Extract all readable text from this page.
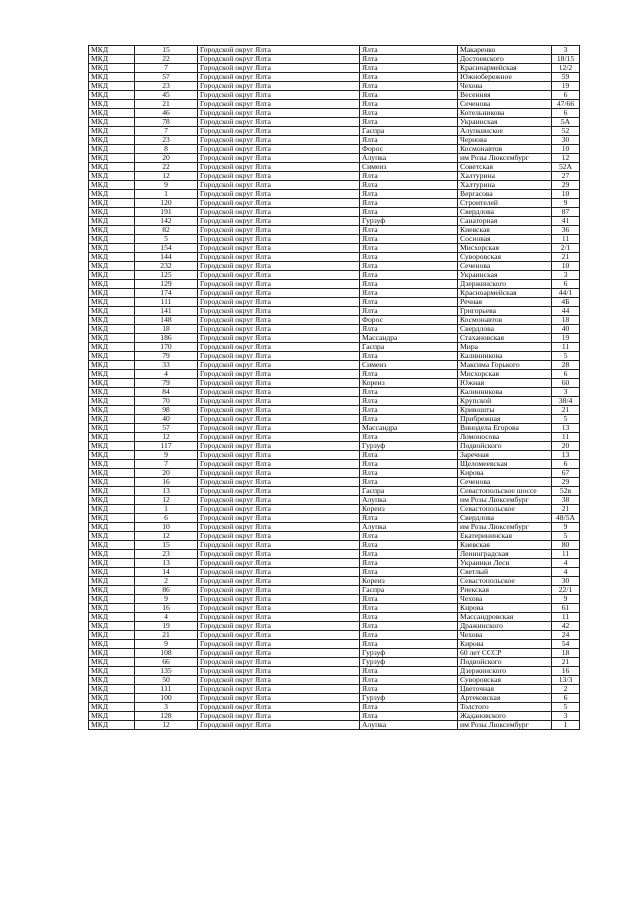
МКД	15	Городской округ Ялта	Ялта	Макаренко	3
МКД	22	Городской округ Ялта	Ялта	Достоевского	18/15
МКД	7	Городской округ Ялта	Ялта	Красноармейская	12/2
МКД	57	Городской округ Ялта	Ялта	Южнобережное	59
МКД	23	Городской округ Ялта	Ялта	Чехова	19
МКД	45	Городской округ Ялта	Ялта	Весенняя	6
МКД	21	Городской округ Ялта	Ялта	Сеченова	47/66
МКД	46	Городской округ Ялта	Ялта	Котельникова	6
МКД	78	Городской округ Ялта	Ялта	Украинская	5А
МКД	7	Городской округ Ялта	Гаспра	Алупкинское	52
МКД	23	Городской округ Ялта	Ялта	Чернова	30
МКД	8	Городской округ Ялта	Форос	Космонавтов	10
МКД	20	Городской округ Ялта	Алупка	им Розы Люксембург	12
МКД	22	Городской округ Ялта	Симеиз	Советская	52А
МКД	12	Городской округ Ялта	Ялта	Халтурина	27
МКД	9	Городской округ Ялта	Ялта	Халтурина	29
МКД	1	Городской округ Ялта	Ялта	Вергасова	10
МКД	120	Городской округ Ялта	Ялта	Строителей	9
МКД	191	Городской округ Ялта	Ялта	Свердлова	87
МКД	142	Городской округ Ялта	Гурзуф	Санаторная	41
МКД	82	Городской округ Ялта	Ялта	Киевская	36
МКД	5	Городской округ Ялта	Ялта	Сосновая	11
МКД	154	Городской округ Ялта	Ялта	Мисхорская	2/1
МКД	144	Городской округ Ялта	Ялта	Суворовская	21
МКД	232	Городской округ Ялта	Ялта	Сеченова	10
МКД	125	Городской округ Ялта	Ялта	Украинская	3
МКД	129	Городской округ Ялта	Ялта	Дзержинского	6
МКД	174	Городской округ Ялта	Ялта	Красноармейская	44/1
МКД	111	Городской округ Ялта	Ялта	Речная	4Б
МКД	141	Городской округ Ялта	Ялта	Григорьева	44
МКД	148	Городской округ Ялта	Форос	Космонавтов	18
МКД	18	Городской округ Ялта	Ялта	Свердлова	40
МКД	186	Городской округ Ялта	Массандра	Стахановская	19
МКД	170	Городской округ Ялта	Гаспра	Мира	11
МКД	79	Городской округ Ялта	Ялта	Калинникова	5
МКД	33	Городской округ Ялта	Симеиз	Максима Горького	28
МКД	4	Городской округ Ялта	Ялта	Мисхорская	6
МКД	79	Городской округ Ялта	Кореиз	Южная	60
МКД	84	Городской округ Ялта	Ялта	Калинникова	3
МКД	70	Городской округ Ялта	Ялта	Крупской	38/4
МКД	98	Городской округ Ялта	Ялта	Кривошты	21
МКД	40	Городской округ Ялта	Ялта	Прибрежная	5
МКД	57	Городской округ Ялта	Массандра	Винодела Егорова	13
МКД	12	Городской округ Ялта	Ялта	Ломоносова	11
МКД	117	Городской округ Ялта	Гурзуф	Подвойского	20
МКД	9	Городской округ Ялта	Ялта	Заречная	13
МКД	7	Городской округ Ялта	Ялта	Щеломеевская	6
МКД	20	Городской округ Ялта	Ялта	Кирова	67
МКД	16	Городской округ Ялта	Ялта	Сеченова	29
МКД	13	Городской округ Ялта	Гаспра	Севастопольское шоссе	52в
МКД	12	Городской округ Ялта	Алупка	им Розы Люксембург	38
МКД	1	Городской округ Ялта	Кореиз	Севастопольское	21
МКД	6	Городской округ Ялта	Ялта	Свердлова	48/5А
МКД	10	Городской округ Ялта	Алупка	им Розы Люксембург	9
МКД	12	Городской округ Ялта	Ялта	Екатерининская	5
МКД	15	Городской округ Ялта	Ялта	Киевская	80
МКД	23	Городской округ Ялта	Ялта	Ленинградская	11
МКД	13	Городской округ Ялта	Ялта	Украинки Леси	4
МКД	14	Городской округ Ялта	Ялта	Светлый	4
МКД	2	Городской округ Ялта	Кореиз	Севастопольское	30
МКД	86	Городской округ Ялта	Гаспра	Риекская	22/1
МКД	9	Городской округ Ялта	Ялта	Чехова	9
МКД	16	Городской округ Ялта	Ялта	Кирова	61
МКД	4	Городской округ Ялта	Ялта	Массандровская	11
МКД	19	Городской округ Ялта	Ялта	Дражинского	42
МКД	21	Городской округ Ялта	Ялта	Чехова	24
МКД	9	Городской округ Ялта	Ялта	Кирова	54
МКД	108	Городской округ Ялта	Гурзуф	60 лет СССР	18
МКД	66	Городской округ Ялта	Гурзуф	Подвойского	21
МКД	135	Городской округ Ялта	Ялта	Дзержинского	16
МКД	50	Городской округ Ялта	Ялта	Суворовская	13/3
МКД	111	Городской округ Ялта	Ялта	Цветочная	2
МКД	100	Городской округ Ялта	Гурзуф	Артековская	6
МКД	3	Городской округ Ялта	Ялта	Толстого	5
МКД	128	Городской округ Ялта	Ялта	Жадановского	3
МКД	12	Городской округ Ялта	Алупка	им Розы Люксембург	1
